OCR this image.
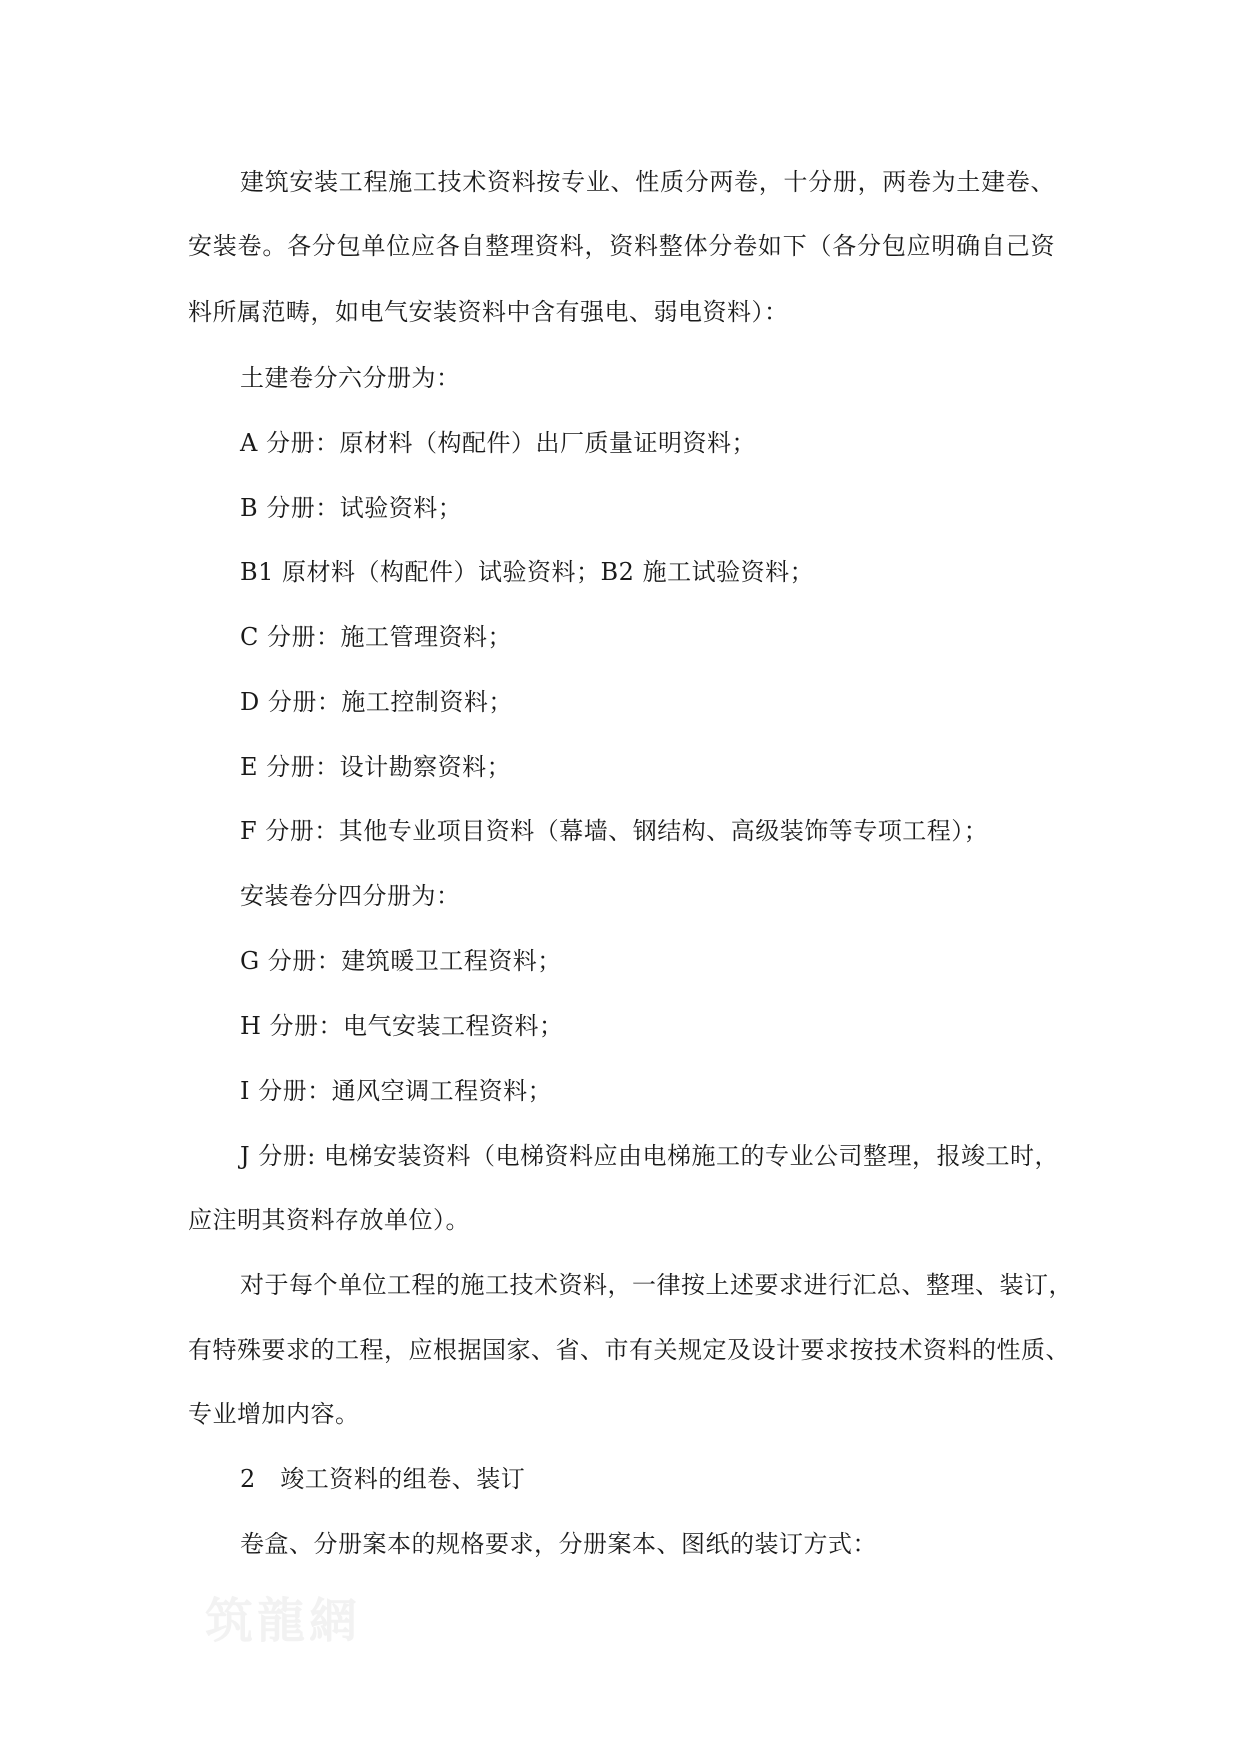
建筑安装工程施工技术资料按专业、性质分两卷，十分册，两卷为土建卷、
安装卷。各分包单位应各自整理资料，资料整体分卷如下（各分包应明确自己资
料所属范畴，如电气安装资料中含有强电、弱电资料）：
土建卷分六分册为：
A 分册：原材料（构配件）出厂质量证明资料；
B 分册：试验资料；
B1 原材料（构配件）试验资料；B2 施工试验资料；
C 分册：施工管理资料；
D 分册：施工控制资料；
E 分册：设计勘察资料；
F 分册：其他专业项目资料（幕墙、钢结构、高级装饰等专项工程）；
安装卷分四分册为：
G 分册：建筑暖卫工程资料；
H 分册：电气安装工程资料；
I 分册：通风空调工程资料；
J 分册: 电梯安装资料（电梯资料应由电梯施工的专业公司整理，报竣工时，
应注明其资料存放单位）。
对于每个单位工程的施工技术资料，一律按上述要求进行汇总、整理、装订，
有特殊要求的工程，应根据国家、省、市有关规定及设计要求按技术资料的性质、
专业增加内容。
2　竣工资料的组卷、装订
卷盒、分册案本的规格要求，分册案本、图纸的装订方式：
筑龍網
